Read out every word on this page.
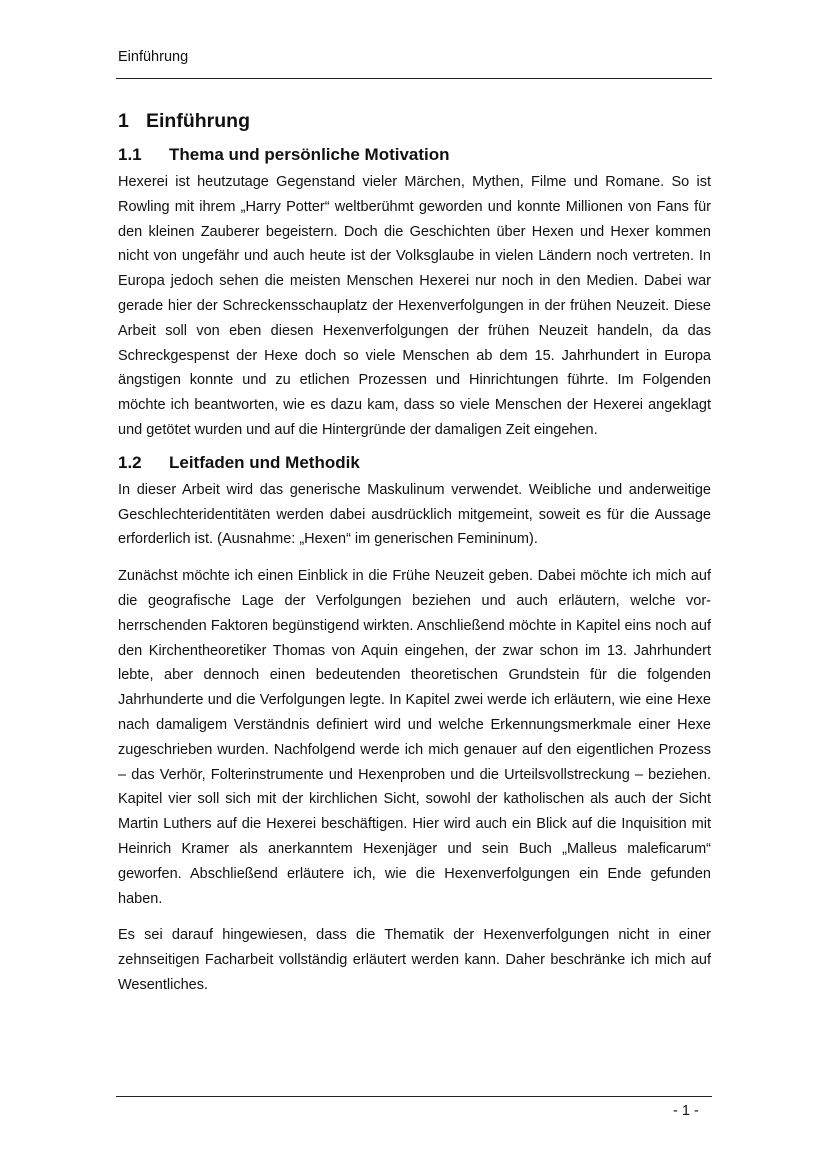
Einführung
1 Einführung
1.1	Thema und persönliche Motivation

Hexerei ist heutzutage Gegenstand vieler Märchen, Mythen, Filme und Romane. So ist Rowling mit ihrem „Harry Potter“ weltberühmt geworden und konnte Millionen von Fans für den kleinen Zauberer begeistern. Doch die Geschichten über Hexen und Hexer kommen nicht von ungefähr und auch heute ist der Volksglaube in vielen Ländern noch vertreten. In Europa jedoch sehen die meisten Menschen Hexerei nur noch in den Medien. Dabei war gerade hier der Schreckensschauplatz der Hexenverfolgungen in der frühen Neuzeit. Diese Arbeit soll von eben diesen Hexenverfolgungen der frühen Neuzeit handeln, da das Schreckgespenst der Hexe doch so viele Menschen ab dem 15. Jahrhundert in Europa ängstigen konnte und zu etlichen Prozessen und Hinrichtungen führte. Im Folgenden möchte ich beantworten, wie es dazu kam, dass so viele Menschen der Hexerei angeklagt und getötet wurden und auf die Hintergründe der damaligen Zeit eingehen.

1.2	Leitfaden und Methodik

In dieser Arbeit wird das generische Maskulinum verwendet. Weibliche und anderweitige Geschlechteridentitäten werden dabei ausdrücklich mitgemeint, soweit es für die Aussage erforderlich ist. (Ausnahme: „Hexen“ im generischen Femininum).

Zunächst möchte ich einen Einblick in die Frühe Neuzeit geben. Dabei möchte ich mich auf die geografische Lage der Verfolgungen beziehen und auch erläutern, welche vorherrschenden Faktoren begünstigend wirkten. Anschließend möchte in Kapitel eins noch auf den Kirchentheoretiker Thomas von Aquin eingehen, der zwar schon im 13. Jahrhundert lebte, aber dennoch einen bedeutenden theoretischen Grundstein für die folgenden Jahrhunderte und die Verfolgungen legte. In Kapitel zwei werde ich erläutern, wie eine Hexe nach damaligem Verständnis definiert wird und welche Erkennungsmerkmale einer Hexe zugeschrieben wurden. Nachfolgend werde ich mich genauer auf den eigentlichen Prozess – das Verhör, Folterinstrumente und Hexenproben und die Urteilsvollstreckung – beziehen. Kapitel vier soll sich mit der kirchlichen Sicht, sowohl der katholischen als auch der Sicht Martin Luthers auf die Hexerei beschäftigen. Hier wird auch ein Blick auf die Inquisition mit Heinrich Kramer als anerkanntem Hexenjäger und sein Buch „Malleus maleficarum“ geworfen. Abschließend erläutere ich, wie die Hexenverfolgungen ein Ende gefunden haben.

Es sei darauf hingewiesen, dass die Thematik der Hexenverfolgungen nicht in einer zehnseitigen Facharbeit vollständig erläutert werden kann. Daher beschränke ich mich auf Wesentliches.

- 1 -
